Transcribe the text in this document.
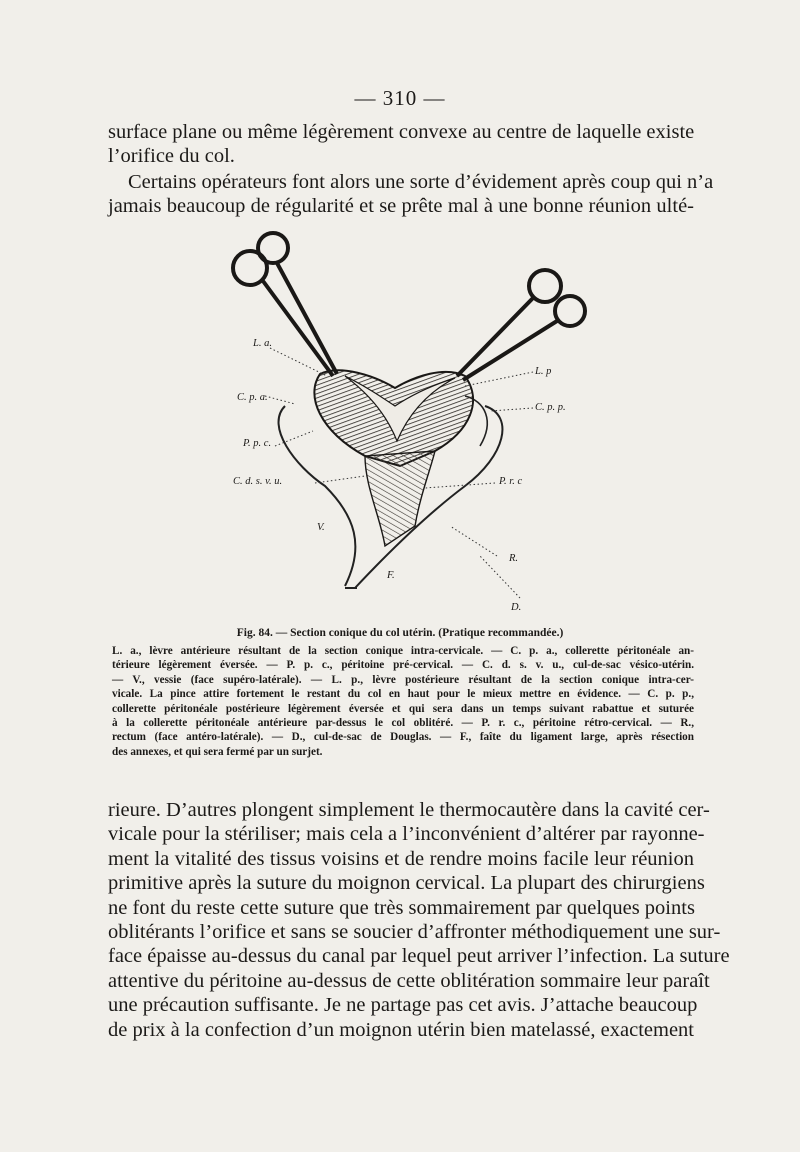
— 310 —

surface plane ou même légèrement convexe au centre de laquelle existe
l’orifice du col.

Certains opérateurs font alors une sorte d’évidement après coup qui n’a
jamais beaucoup de régularité et se prête mal à une bonne réunion ulté-

L. a.
C. p. a.
P. p. c.
C. d. s. v. u.
V.
F.
L. p
C. p. p.
P. r. c
R.
D.
Fig. 84. — Section conique du col utérin. (Pratique recommandée.)
L. a., lèvre antérieure résultant de la section conique intra-cervicale. — C. p. a., collerette péritonéale an-
térieure légèrement éversée. — P. p. c., péritoine pré-cervical. — C. d. s. v. u., cul-de-sac vésico-utérin.
— V., vessie (face supéro-latérale). — L. p., lèvre postérieure résultant de la section conique intra-cer-
vicale. La pince attire fortement le restant du col en haut pour le mieux mettre en évidence. — C. p. p.,
collerette péritonéale postérieure légèrement éversée et qui sera dans un temps suivant rabattue et suturée
à la collerette péritonéale antérieure par-dessus le col oblitéré. — P. r. c., péritoine rétro-cervical. — R.,
rectum (face antéro-latérale). — D., cul-de-sac de Douglas. — F., faîte du ligament large, après résection
des annexes, et qui sera fermé par un surjet.

rieure. D’autres plongent simplement le thermocautère dans la cavité cer-
vicale pour la stériliser; mais cela a l’inconvénient d’altérer par rayonne-
ment la vitalité des tissus voisins et de rendre moins facile leur réunion
primitive après la suture du moignon cervical. La plupart des chirurgiens
ne font du reste cette suture que très sommairement par quelques points
oblitérants l’orifice et sans se soucier d’affronter méthodiquement une sur-
face épaisse au-dessus du canal par lequel peut arriver l’infection. La suture
attentive du péritoine au-dessus de cette oblitération sommaire leur paraît
une précaution suffisante. Je ne partage pas cet avis. J’attache beaucoup
de prix à la confection d’un moignon utérin bien matelassé, exactement
